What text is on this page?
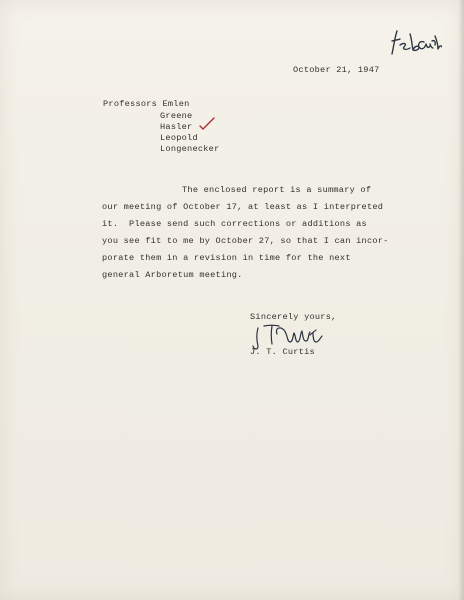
October 21, 1947
Professors Emlen
Greene
Hasler
Leopold
Longenecker
The enclosed report is a summary of
our meeting of October 17, at least as I interpreted
it.  Please send such corrections or additions as
you see fit to me by October 27, so that I can incor-
porate them in a revision in time for the next
general Arboretum meeting.
Sincerely yours,
J. T. Curtis
